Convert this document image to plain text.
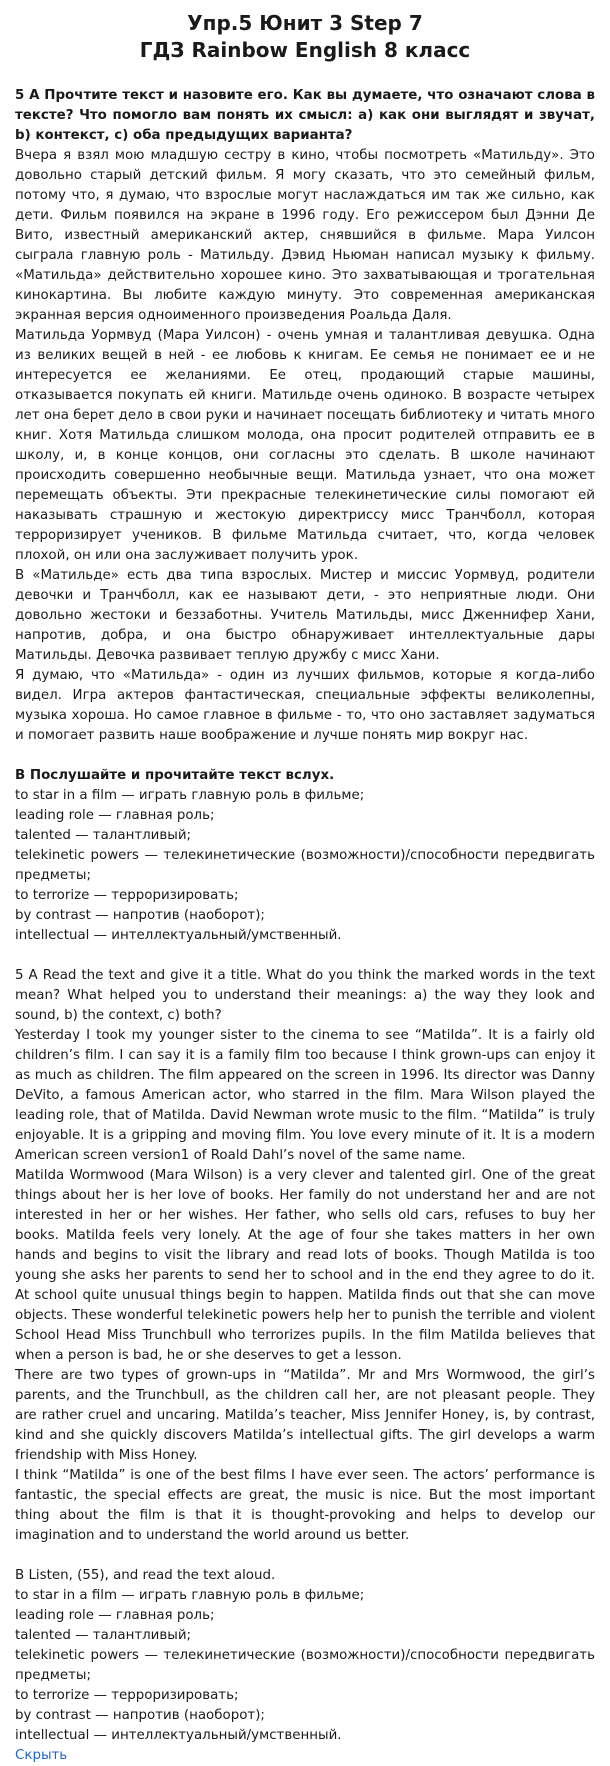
Упр.5 Юнит 3 Step 7
ГДЗ Rainbow English 8 класс

5 A Прочтите текст и назовите его. Как вы думаете, что означают слова в тексте? Что помогло вам понять их смысл: а) как они выглядят и звучат, b) контекст, с) оба предыдущих варианта?

Вчера я взял мою младшую сестру в кино, чтобы посмотреть «Матильду». Это довольно старый детский фильм. Я могу сказать, что это семейный фильм, потому что, я думаю, что взрослые могут наслаждаться им так же сильно, как дети. Фильм появился на экране в 1996 году. Его режиссером был Дэнни Де Вито, известный американский актер, снявшийся в фильме. Мара Уилсон сыграла главную роль - Матильду. Дэвид Ньюман написал музыку к фильму. «Матильда» действительно хорошее кино. Это захватывающая и трогательная кинокартина. Вы любите каждую минуту. Это современная американская экранная версия одноименного произведения Роальда Даля.

Матильда Уормвуд (Мара Уилсон) - очень умная и талантливая девушка. Одна из великих вещей в ней - ее любовь к книгам. Ее семья не понимает ее и не интересуется ее желаниями. Ее отец, продающий старые машины, отказывается покупать ей книги. Матильде очень одиноко. В возрасте четырех лет она берет дело в свои руки и начинает посещать библиотеку и читать много книг. Хотя Матильда слишком молода, она просит родителей отправить ее в школу, и, в конце концов, они согласны это сделать. В школе начинают происходить совершенно необычные вещи. Матильда узнает, что она может перемещать объекты. Эти прекрасные телекинетические силы помогают ей наказывать страшную и жестокую директриссу мисс Транчболл, которая терроризирует учеников. В фильме Матильда считает, что, когда человек плохой, он или она заслуживает получить урок.

В «Матильде» есть два типа взрослых. Мистер и миссис Уормвуд, родители девочки и Транчболл, как ее называют дети, - это неприятные люди. Они довольно жестоки и беззаботны. Учитель Матильды, мисс Дженнифер Хани, напротив, добра, и она быстро обнаруживает интеллектуальные дары Матильды. Девочка развивает теплую дружбу с мисс Хани.

Я думаю, что «Матильда» - один из лучших фильмов, которые я когда-либо видел. Игра актеров фантастическая, специальные эффекты великолепны, музыка хороша. Но самое главное в фильме - то, что оно заставляет задуматься и помогает развить наше воображение и лучше понять мир вокруг нас.

B Послушайте и прочитайте текст вслух.

to star in a film — играть главную роль в фильме;

leading role — главная роль;

talented — талантливый;

telekinetic powers — телекинетические (возможности)/способности передвигать предметы;

to terrorize — терроризировать;

by contrast — напротив (наоборот);

intellectual — интеллектуальный/умственный.

5 A Read the text and give it a title. What do you think the marked words in the text mean? What helped you to understand their meanings: a) the way they look and sound, b) the context, c) both?

Yesterday I took my younger sister to the cinema to see “Matilda”. It is a fairly old children’s film. I can say it is a family film too because I think grown-ups can enjoy it as much as children. The film appeared on the screen in 1996. Its director was Danny DeVito, a famous American actor, who starred in the film. Mara Wilson played the leading role, that of Matilda. David Newman wrote music to the film. “Matilda” is truly enjoyable. It is a gripping and moving film. You love every minute of it. It is a modern American screen version1 of Roald Dahl’s novel of the same name.

Matilda Wormwood (Mara Wilson) is a very clever and talented girl. One of the great things about her is her love of books. Her family do not understand her and are not interested in her or her wishes. Her father, who sells old cars, refuses to buy her books. Matilda feels very lonely. At the age of four she takes matters in her own hands and begins to visit the library and read lots of books. Though Matilda is too young she asks her parents to send her to school and in the end they agree to do it. At school quite unusual things begin to happen. Matilda finds out that she can move objects. These wonderful telekinetic powers help her to punish the terrible and violent School Head Miss Trunchbull who terrorizes pupils. In the film Matilda believes that when a person is bad, he or she deserves to get a lesson.

There are two types of grown-ups in “Matilda”. Mr and Mrs Wormwood, the girl’s parents, and the Trunchbull, as the children call her, are not pleasant people. They are rather cruel and uncaring. Matilda’s teacher, Miss Jennifer Honey, is, by contrast, kind and she quickly discovers Matilda’s intellectual gifts. The girl develops a warm friendship with Miss Honey.

I think “Matilda” is one of the best films I have ever seen. The actors’ performance is fantastic, the special effects are great, the music is nice. But the most important thing about the film is that it is thought-provoking and helps to develop our imagination and to understand the world around us better.

B Listen, (55), and read the text aloud.

to star in a film — играть главную роль в фильме;

leading role — главная роль;

talented — талантливый;

telekinetic powers — телекинетические (возможности)/способности передвигать предметы;

to terrorize — терроризировать;

by contrast — напротив (наоборот);

intellectual — интеллектуальный/умственный.

Скрыть
